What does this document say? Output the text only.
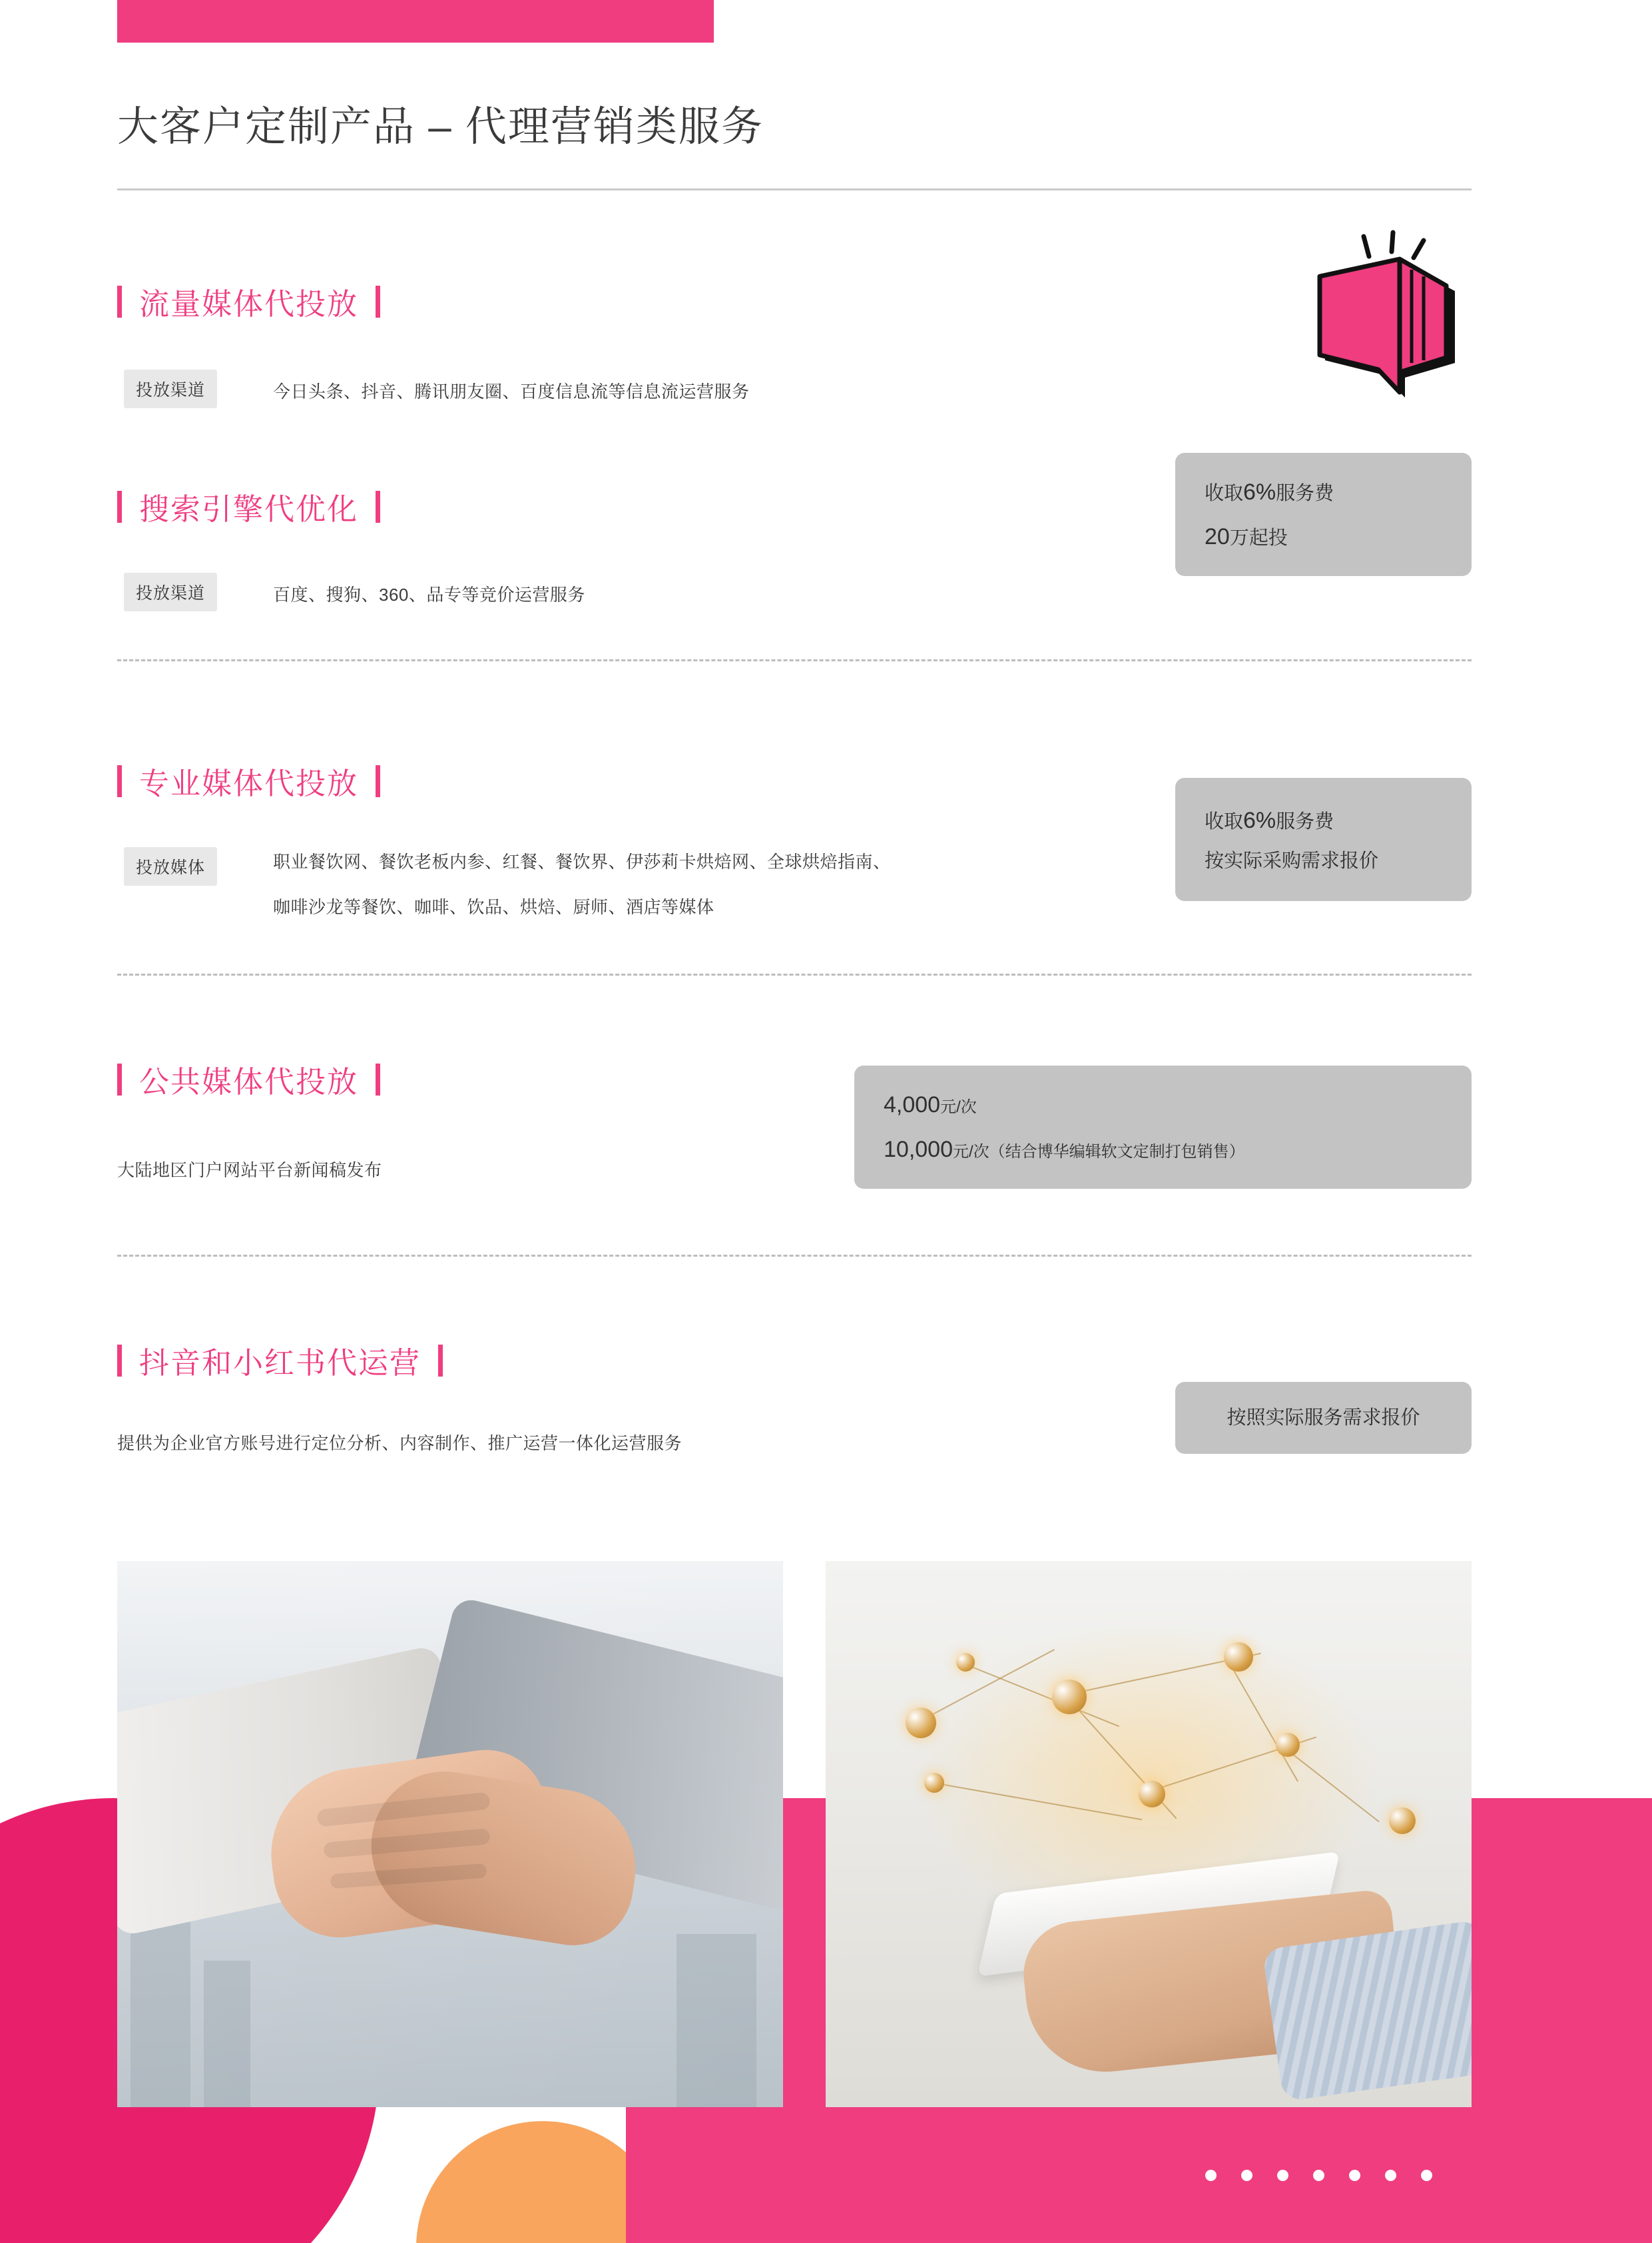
大客户定制产品 – 代理营销类服务
流量媒体代投放
投放渠道	今日头条、抖音、腾讯朋友圈、百度信息流等信息流运营服务
搜索引擎代优化
投放渠道	百度、搜狗、360、品专等竞价运营服务
收取6%服务费
20万起投
专业媒体代投放
投放媒体	职业餐饮网、餐饮老板内参、红餐、餐饮界、伊莎莉卡烘焙网、全球烘焙指南、
咖啡沙龙等餐饮、咖啡、饮品、烘焙、厨师、酒店等媒体
收取6%服务费
按实际采购需求报价
公共媒体代投放
大陆地区门户网站平台新闻稿发布
4,000元/次
10,000元/次（结合博华编辑软文定制打包销售）
抖音和小红书代运营
提供为企业官方账号进行定位分析、内容制作、推广运营一体化运营服务
按照实际服务需求报价
